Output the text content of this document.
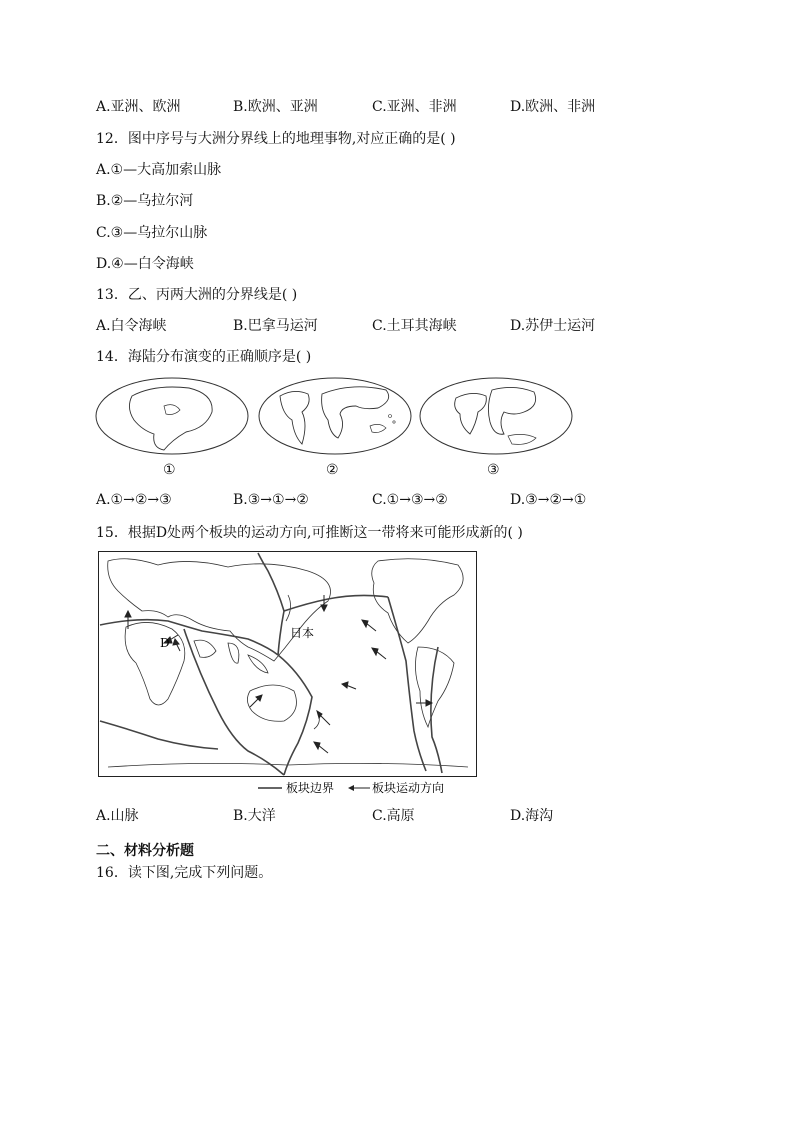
A.亚洲、欧洲	B.欧洲、亚洲	C.亚洲、非洲	D.欧洲、非洲
12．图中序号与大洲分界线上的地理事物,对应正确的是( )
A.①—大高加索山脉
B.②—乌拉尔河
C.③—乌拉尔山脉
D.④—白令海峡
13．乙、丙两大洲的分界线是( )
A.白令海峡	B.巴拿马运河	C.土耳其海峡	D.苏伊士运河
14．海陆分布演变的正确顺序是( )
①	②	③
A.①→②→③	B.③→①→②	C.①→③→②	D.③→②→①
15．根据D处两个板块的运动方向,可推断这一带将来可能形成新的( )
日本
D
板块边界	板块运动方向
A.山脉	B.大洋	C.高原	D.海沟
二、材料分析题
16．读下图,完成下列问题。
